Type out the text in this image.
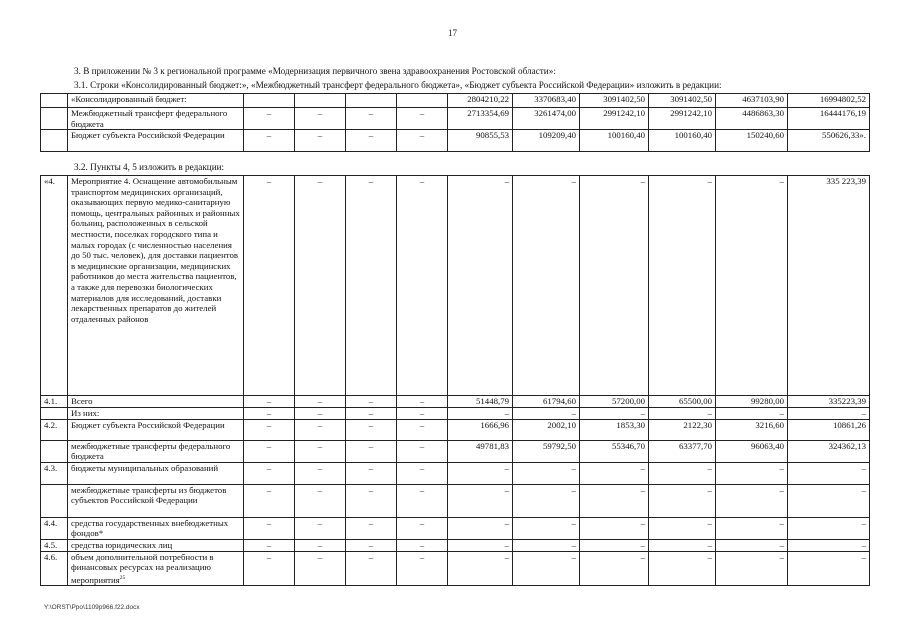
17
3. В приложении № 3 к региональной программе «Модернизация первичного звена здравоохранения Ростовской области»:
3.1. Строки «Консолидированный бюджет:», «Межбюджетный трансферт федерального бюджета», «Бюджет субъекта Российской Федерации» изложить в редакции:
	«Консолидированный бюджет:					2804210,22	3370683,40	3091402,50	3091402,50	4637103,90	16994802,52
	Межбюджетный трансферт федерального бюджета	–	–	–	–	2713354,69	3261474,00	2991242,10	2991242,10	4486863,30	16444176,19
	Бюджет субъекта Российской Федерации	–	–	–	–	90855,53	109209,40	100160,40	100160,40	150240,60	550626,33».
3.2. Пункты 4, 5 изложить в редакции:
«4.	Мероприятие 4. Оснащение автомобильным транспортом медицинских организаций, оказывающих первую медико-санитарную помощь, центральных районных и районных больниц, расположенных в сельской местности, поселках городского типа и малых городах (с численностью населения до 50 тыс. человек), для доставки пациентов в медицинские организации, медицинских работников до места жительства пациентов, а также для перевозки биологических материалов для исследований, доставки лекарственных препаратов до жителей отдаленных районов	–	–	–	–	–	–	–	–	–	335 223,39
4.1.	Всего	–	–	–	–	51448,79	61794,60	57200,00	65500,00	99280,00	335223,39
	Из них:	–	–	–	–	–	–	–	–	–	–
4.2.	Бюджет субъекта Российской Федерации	–	–	–	–	1666,96	2002,10	1853,30	2122,30	3216,60	10861,26
	межбюджетные трансферты федерального бюджета	–	–	–	–	49781,83	59792,50	55346,70	63377,70	96063,40	324362,13
4.3.	бюджеты муниципальных образований	–	–	–	–	–	–	–	–	–	–
	межбюджетные трансферты из бюджетов субъектов Российской Федерации	–	–	–	–	–	–	–	–	–	–
4.4.	средства государственных внебюджетных фондов*	–	–	–	–	–	–	–	–	–	–
4.5.	средства юридических лиц	–	–	–	–	–	–	–	–	–	–
4.6.	объем дополнительной потребности в финансовых ресурсах на реализацию мероприятия$^{25}$	–	–	–	–	–	–	–	–	–	–
Y:\ORST\Ppo\1109p966.f22.docx
